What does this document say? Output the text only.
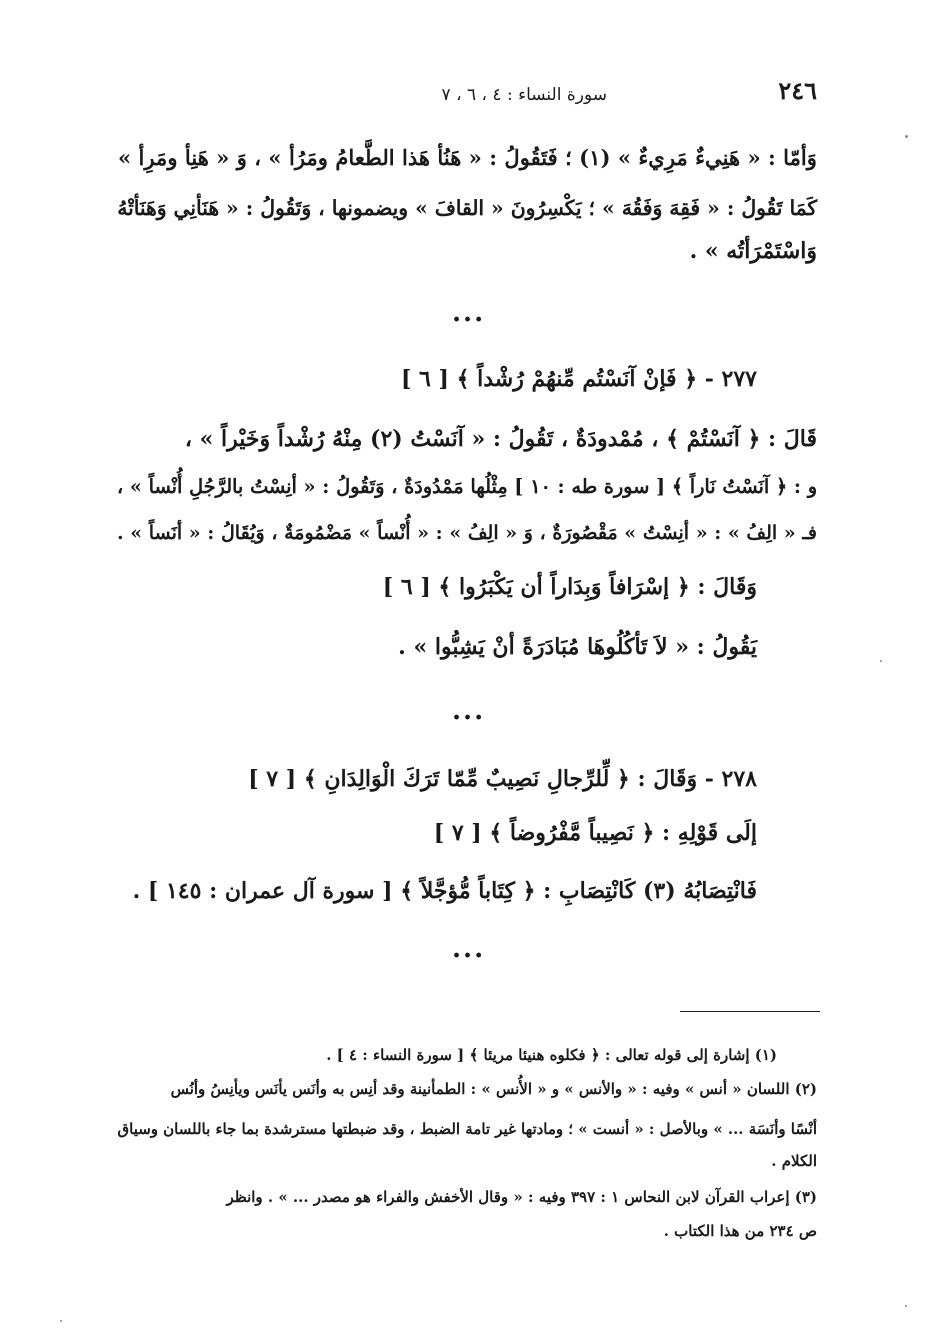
٢٤٦
سورة النساء : ٤ ، ٦ ، ٧
وَأمّا : « هَنِيءٌ مَرِيءٌ » (١) ؛ فَتَقُولُ : « هَنُأ هَذا الطَّعامُ ومَرُأ » ، وَ « هَنِأ ومَرِأ »
كَمَا تَقُولُ : « فَقِهَ وَفَقُهَ » ؛ يَكْسِرُونَ « القافَ » ويضمونها ، وَتَقُولُ : « هَنَأنِي وَهَنَأتْهُ
وَاسْتَمْرَأتُه » .
...
٢٧٧ - ﴿ فَإنْ آنَسْتُم مِّنهُمْ رُشْداً ﴾ [ ٦ ]
قَالَ : ﴿ آنَسْتُمْ ﴾ ، مُمْدودَةٌ ، تَقُولُ : « آنَسْتُ (٢) مِنْهُ رُشْداً وَخَيْراً » ،
و : ﴿ آنَسْتُ نَاراً ﴾ [ سورة طه : ١٠ ] مِثْلُها مَمْدُودَةٌ ، وَتَقُولُ : « أنِسْتُ بالرَّجُلِ أُنْساً » ،
فـ « الِفُ » : « أنِسْتُ » مَقْصُورَةٌ ، وَ « الِفُ » : « أُنْساً » مَضْمُومَةٌ ، وَيُقَالُ : « أنَساً » .
وَقَالَ : ﴿ إسْرَافاً وَبِدَاراً أن يَكْبَرُوا ﴾ [ ٦ ]
يَقُولُ : « لاَ تَأكُلُوهَا مُبَادَرَةً أنْ يَشِبُّوا » .
...
٢٧٨ - وَقَالَ : ﴿ لِّلرِّجالِ نَصِيبٌ مِّمّا تَرَكَ الْوَالِدَانِ ﴾ [ ٧ ]
إلَى قَوْلِهِ : ﴿ نَصِيباً مَّفْرُوضاً ﴾ [ ٧ ]
فَانْتِصَابُهُ (٣) كَانْتِصَابِ : ﴿ كِتَاباً مُّؤجَّلاً ﴾ [ سورة آل عمران : ١٤٥ ] .
...
(١) إشارة إلى قوله تعالى : ﴿ فكلوه هنيئا مريئا ﴾ [ سورة النساء : ٤ ] .
(٢) اللسان « أنس » وفيه : « والأنس » و « الأُنس » : الطمأنينة وقد أنِس به وأنَس يأنَس ويأنِسُ وأنُس
أنْسًا وأنَسَة ... » وبالأصل : « أنست » ؛ ومادتها غير تامة الضبط ، وقد ضبطتها مسترشدة بما جاء باللسان وسياق
الكلام .
(٣) إعراب القرآن لابن النحاس ١ : ٣٩٧ وفيه : « وقال الأخفش والفراء هو مصدر ... » . وانظر
ص ٢٣٤ من هذا الكتاب .
